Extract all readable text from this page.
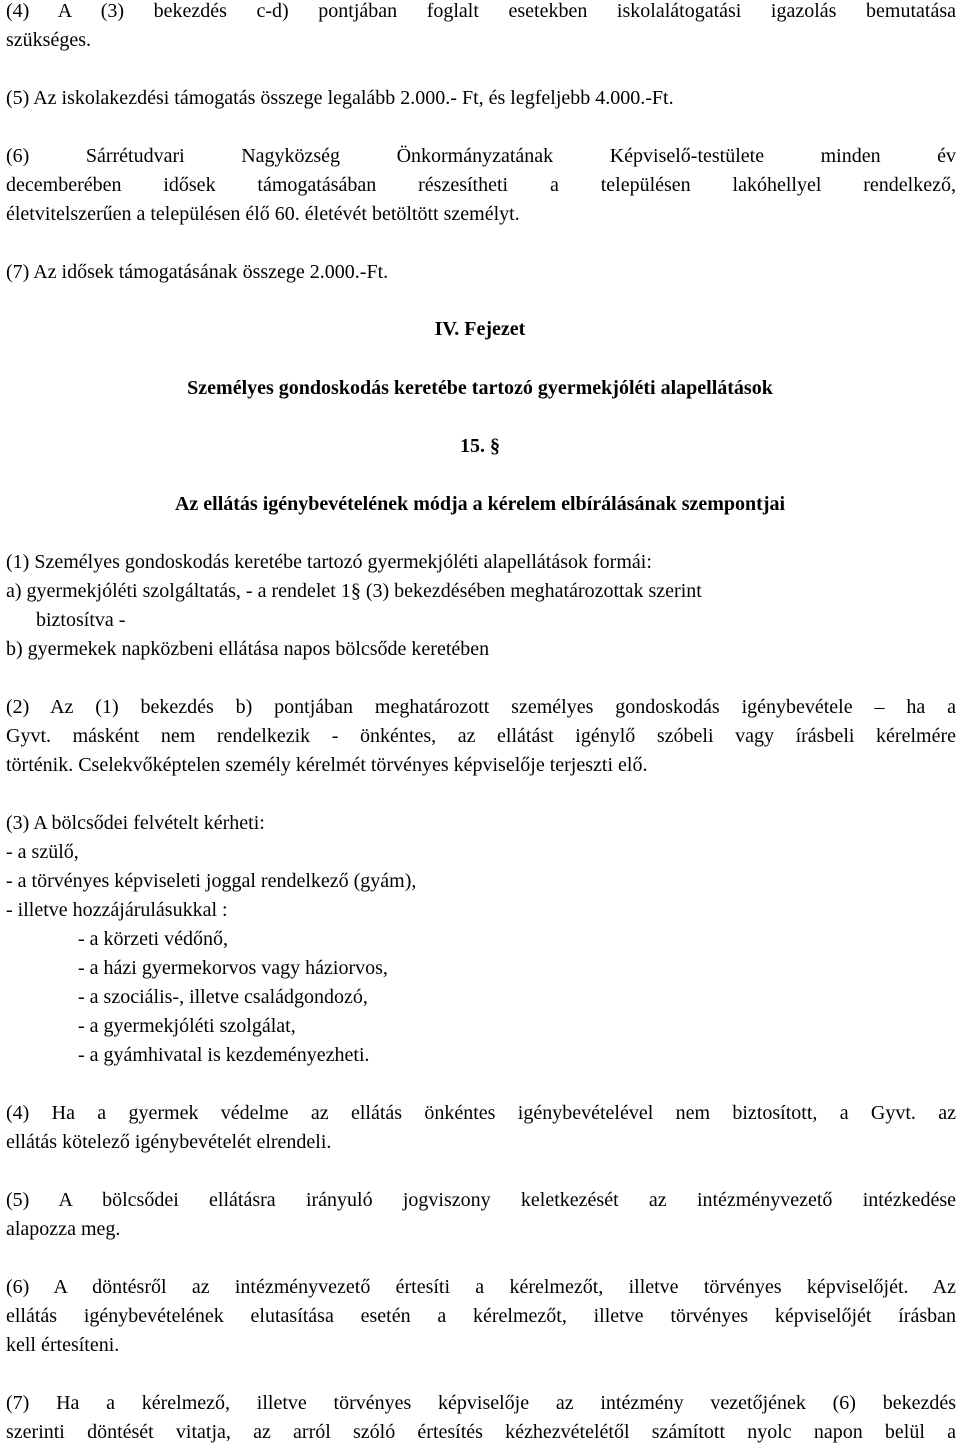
(4) A (3) bekezdés c-d) pontjában foglalt esetekben iskolalátogatási igazolás bemutatása

szükséges.

(5) Az iskolakezdési támogatás összege legalább 2.000.- Ft, és legfeljebb 4.000.-Ft.

(6) Sárrétudvari Nagyközség Önkormányzatának Képviselő-testülete minden év

decemberében idősek támogatásában részesítheti a településen lakóhellyel rendelkező,

életvitelszerűen a településen élő 60. életévét betöltött személyt.

(7) Az idősek támogatásának összege 2.000.-Ft.

IV. Fejezet

Személyes gondoskodás keretébe tartozó gyermekjóléti alapellátások

15. §

Az ellátás igénybevételének módja a kérelem elbírálásának szempontjai

(1) Személyes gondoskodás keretébe tartozó gyermekjóléti alapellátások formái:

a) gyermekjóléti szolgáltatás, - a rendelet 1§ (3) bekezdésében meghatározottak szerint

biztosítva -

b) gyermekek napközbeni ellátása napos bölcsőde keretében

(2) Az (1) bekezdés b) pontjában meghatározott személyes gondoskodás igénybevétele – ha a

Gyvt. másként nem rendelkezik - önkéntes, az ellátást igénylő szóbeli vagy írásbeli kérelmére

történik. Cselekvőképtelen személy kérelmét törvényes képviselője terjeszti elő.

(3) A bölcsődei felvételt kérheti:

- a szülő,

- a törvényes képviseleti joggal rendelkező (gyám),

- illetve hozzájárulásukkal :

- a körzeti védőnő,

- a házi gyermekorvos vagy háziorvos,

- a szociális-, illetve családgondozó,

- a gyermekjóléti szolgálat,

- a gyámhivatal is kezdeményezheti.

(4) Ha a gyermek védelme az ellátás önkéntes igénybevételével nem biztosított, a Gyvt. az

ellátás kötelező igénybevételét elrendeli.

(5) A bölcsődei ellátásra irányuló jogviszony keletkezését az intézményvezető intézkedése

alapozza meg.

(6) A döntésről az intézményvezető értesíti a kérelmezőt, illetve törvényes képviselőjét. Az

ellátás igénybevételének elutasítása esetén a kérelmezőt, illetve törvényes képviselőjét írásban

kell értesíteni.

(7) Ha a kérelmező, illetve törvényes képviselője az intézmény vezetőjének (6) bekezdés

szerinti döntését vitatja, az arról szóló értesítés kézhezvételétől számított nyolc napon belül a
